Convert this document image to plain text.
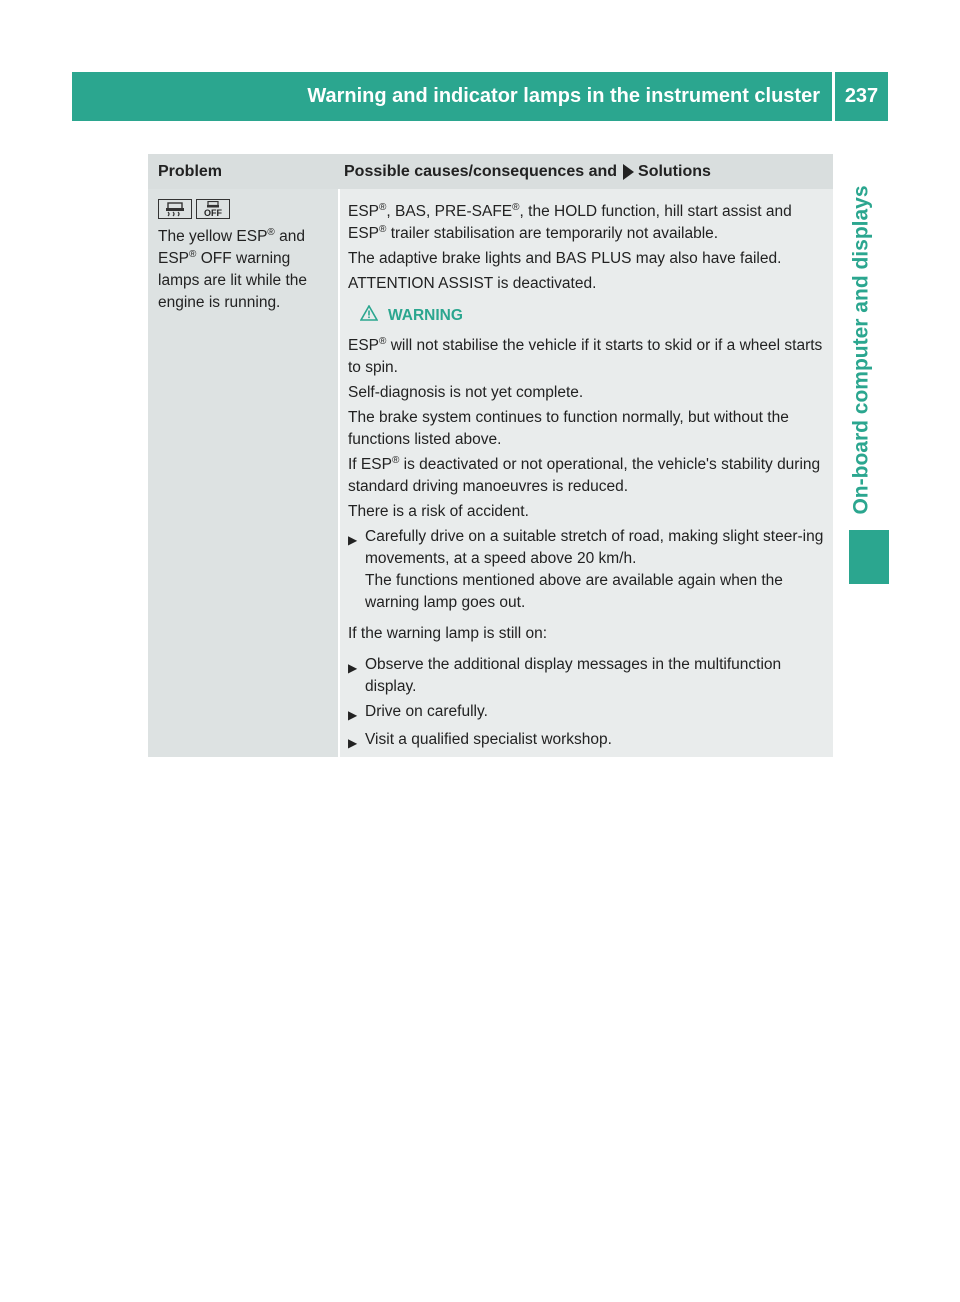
Warning and indicator lamps in the instrument cluster	237
On-board computer and displays
Problem	Possible causes/consequences and Solutions
OFF
The yellow ESP® and
ESP® OFF warning
lamps are lit while the
engine is running.

ESP®, BAS, PRE-SAFE®, the HOLD function, hill start assist and
ESP® trailer stabilisation are temporarily not available.

The adaptive brake lights and BAS PLUS may also have failed.

ATTENTION ASSIST is deactivated.

WARNING

ESP® will not stabilise the vehicle if it starts to skid or if a wheel starts to spin.

Self-diagnosis is not yet complete.

The brake system continues to function normally, but without the functions listed above.

If ESP® is deactivated or not operational, the vehicle's stability during standard driving manoeuvres is reduced.

There is a risk of accident.

▶ Carefully drive on a suitable stretch of road, making slight steer-ing movements, at a speed above 20 km/h.
The functions mentioned above are available again when the warning lamp goes out.

If the warning lamp is still on:

▶ Observe the additional display messages in the multifunction display.
▶ Drive on carefully.
▶ Visit a qualified specialist workshop.
